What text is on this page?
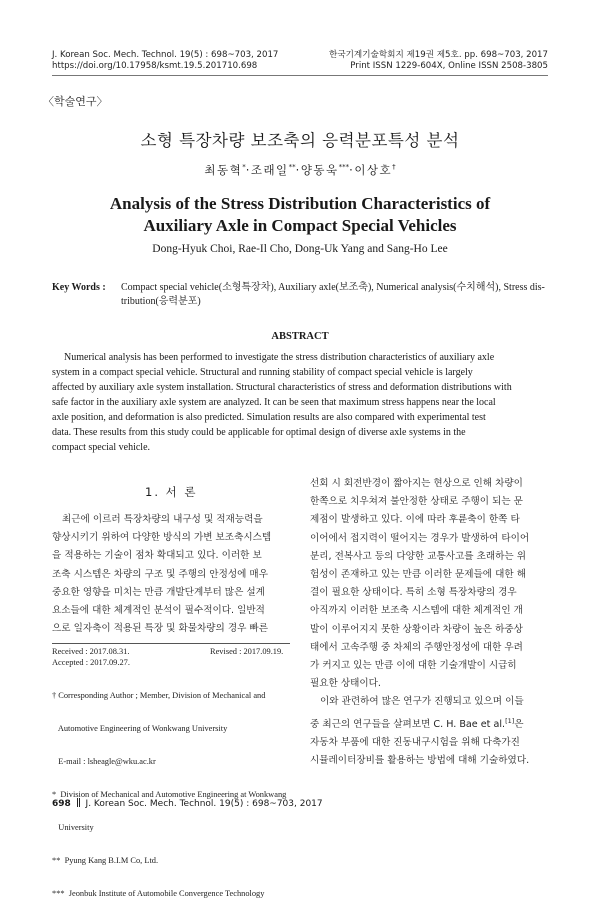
J. Korean Soc. Mech. Technol. 19(5) : 698~703, 2017
https://doi.org/10.17958/ksmt.19.5.201710.698
한국기계기술학회지 제19권 제5호. pp. 698~703, 2017
Print ISSN 1229-604X, Online ISSN 2508-3805
〈학술연구〉
소형 특장차량 보조축의 응력분포특성 분석
최동혁*·조래일**·양동욱***·이상호†
Analysis of the Stress Distribution Characteristics of
Auxiliary Axle in Compact Special Vehicles
Dong-Hyuk Choi, Rae-Il Cho, Dong-Uk Yang and Sang-Ho Lee
Key Words : Compact special vehicle(소형특장차), Auxiliary axle(보조축), Numerical analysis(수치해석), Stress dis-
tribution(응력분포)
ABSTRACT
Numerical analysis has been performed to investigate the stress distribution characteristics of auxiliary axle
system in a compact special vehicle. Structural and running stability of compact special vehicle is largely
affected by auxiliary axle system installation. Structural characteristics of stress and deformation distributions with
safe factor in the auxiliary axle system are analyzed. It can be seen that maximum stress happens near the local
axle position, and deformation is also predicted. Simulation results are also compared with experimental test
data. These results from this study could be applicable for optimal design of diverse axle systems in the
compact special vehicle.
1. 서 론
최근에 이르러 특장차량의 내구성 및 적재능력을
향상시키기 위하여 다양한 방식의 가변 보조축시스템
을 적용하는 기술이 점차 확대되고 있다. 이러한 보
조축 시스템은 차량의 구조 및 주행의 안정성에 매우
중요한 영향을 미치는 만큼 개발단계부터 많은 설계
요소들에 대한 체계적인 분석이 필수적이다. 일반적
으로 일자축이 적용된 특장 및 화물차량의 경우 빠른
Received : 2017.08.31.	Revised : 2017.09.19.
Accepted : 2017.09.27.

† Corresponding Author ; Member, Division of Mechanical and

Automotive Engineering of Wonkwang University

E-mail : lsheagle@wku.ac.kr

*  Division of Mechanical and Automotive Engineering at Wonkwang

University

**  Pyung Kang B.I.M Co, Ltd.

***  Jeonbuk Institute of Automobile Convergence Technology

선회 시 회전반경이 짧아지는 현상으로 인해 차량이
한쪽으로 치우쳐져 불안정한 상태로 주행이 되는 문
제점이 발생하고 있다. 이에 따라 후륜축이 한쪽 타
이어에서 접지력이 떨어지는 경우가 발생하여 타이어
분리, 전복사고 등의 다양한 교통사고를 초래하는 위
험성이 존재하고 있는 만큼 이러한 문제들에 대한 해
결이 필요한 상태이다. 특히 소형 특장차량의 경우
아직까지 이러한 보조축 시스템에 대한 체계적인 개
발이 이루어지지 못한 상황이라 차량이 높은 하중상
태에서 고속주행 중 차체의 주행안정성에 대한 우려
가 커지고 있는 만큼 이에 대한 기술개발이 시급히
필요한 상태이다.
이와 관련하여 많은 연구가 진행되고 있으며 이들
중 최근의 연구들을 살펴보면 C. H. Bae et al.[1]은
자동차 부품에 대한 진동내구시험을 위해 다축가진
시뮬레이터장비를 활용하는 방법에 대해 기술하였다.
698 J. Korean Soc. Mech. Technol. 19(5) : 698~703, 2017
